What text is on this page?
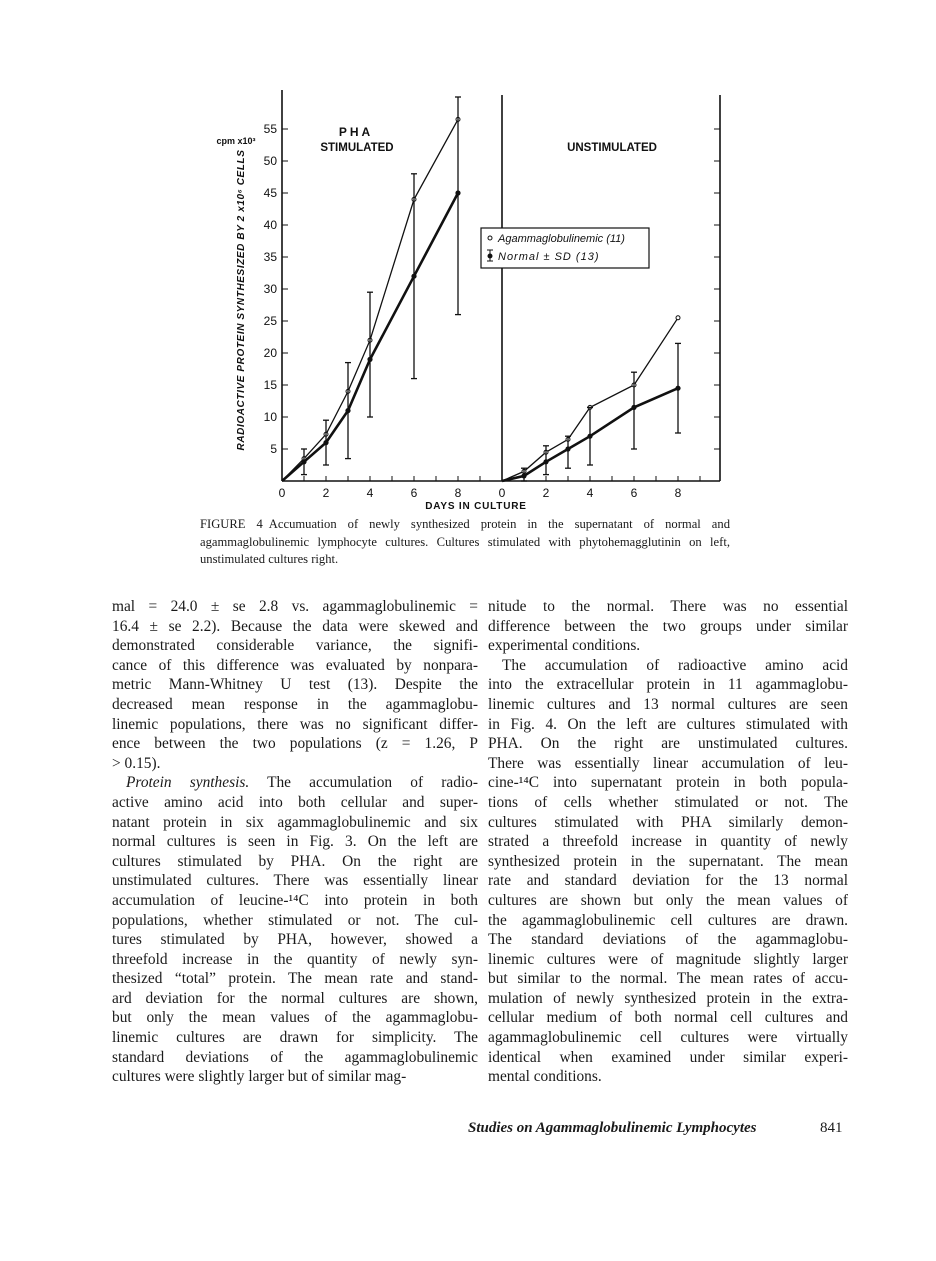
5
10
15
20
25
30
35
40
45
50
55
0	2	4	6	8	0	2	4	6	8
cpm x10³
RADIOACTIVE PROTEIN SYNTHESIZED BY 2 x10⁶ CELLS
DAYS IN CULTURE
PHA
STIMULATED	UNSTIMULATED
Agammaglobulinemic (11)
Normal ± SD (13)
FIGURE 4 Accumuation of newly synthesized protein in the supernatant of normal and agammaglobulinemic lymphocyte cultures. Cultures stimulated with phytohemagglutinin on left, unstimulated cultures right.
mal = 24.0 ± se 2.8 vs. agammaglobulinemic =
16.4 ± se 2.2). Because the data were skewed and
demonstrated considerable variance, the signifi-
cance of this difference was evaluated by nonpara-
metric Mann-Whitney U test (13). Despite the
decreased mean response in the agammaglobu-
linemic populations, there was no significant differ-
ence between the two populations (z = 1.26, P
> 0.15).
Protein synthesis. The accumulation of radio-
active amino acid into both cellular and super-
natant protein in six agammaglobulinemic and six
normal cultures is seen in Fig. 3. On the left are
cultures stimulated by PHA. On the right are
unstimulated cultures. There was essentially linear
accumulation of leucine-¹⁴C into protein in both
populations, whether stimulated or not. The cul-
tures stimulated by PHA, however, showed a
threefold increase in the quantity of newly syn-
thesized “total” protein. The mean rate and stand-
ard deviation for the normal cultures are shown,
but only the mean values of the agammaglobu-
linemic cultures are drawn for simplicity. The
standard deviations of the agammaglobulinemic
cultures were slightly larger but of similar mag-
nitude to the normal. There was no essential
difference between the two groups under similar
experimental conditions.
The accumulation of radioactive amino acid
into the extracellular protein in 11 agammaglobu-
linemic cultures and 13 normal cultures are seen
in Fig. 4. On the left are cultures stimulated with
PHA. On the right are unstimulated cultures.
There was essentially linear accumulation of leu-
cine-¹⁴C into supernatant protein in both popula-
tions of cells whether stimulated or not. The
cultures stimulated with PHA similarly demon-
strated a threefold increase in quantity of newly
synthesized protein in the supernatant. The mean
rate and standard deviation for the 13 normal
cultures are shown but only the mean values of
the agammaglobulinemic cell cultures are drawn.
The standard deviations of the agammaglobu-
linemic cultures were of magnitude slightly larger
but similar to the normal. The mean rates of accu-
mulation of newly synthesized protein in the extra-
cellular medium of both normal cell cultures and
agammaglobulinemic cell cultures were virtually
identical when examined under similar experi-
mental conditions.
Studies on Agammaglobulinemic Lymphocytes	841
